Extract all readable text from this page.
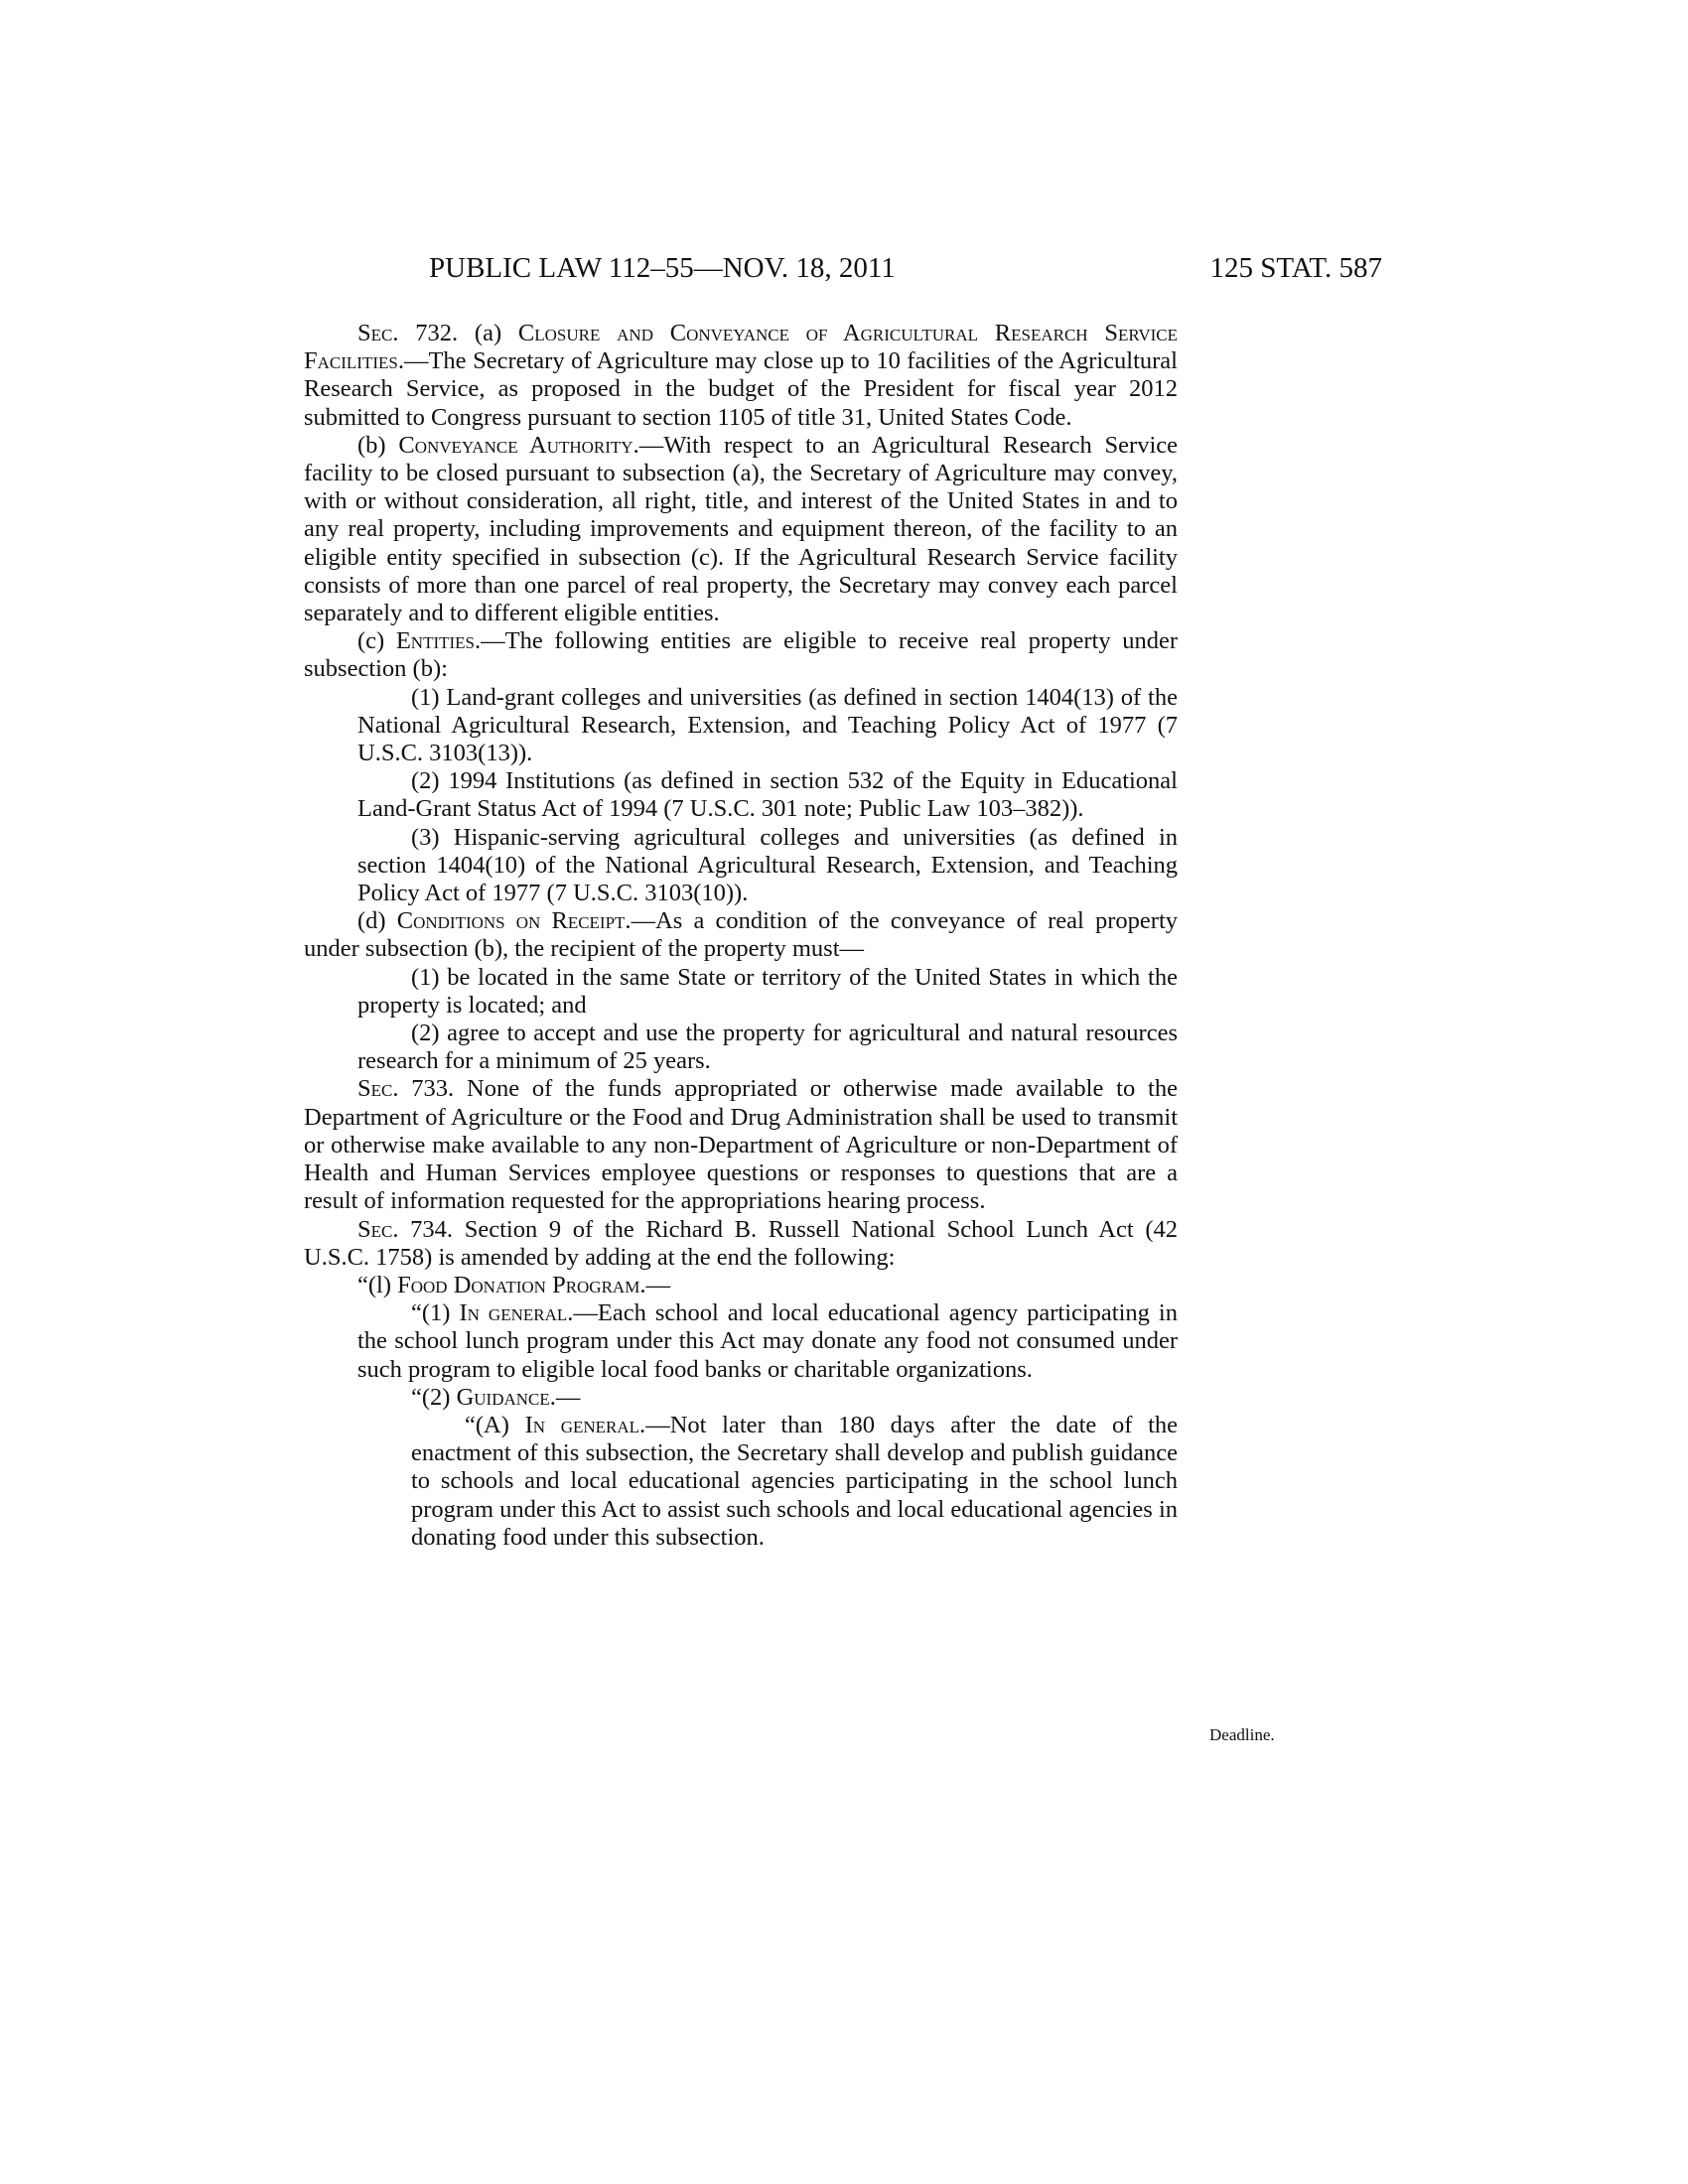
PUBLIC LAW 112–55—NOV. 18, 2011	125 STAT. 587
Deadline.

Sec. 732. (a) Closure and Conveyance of Agricultural Research Service Facilities.—The Secretary of Agriculture may close up to 10 facilities of the Agricultural Research Service, as proposed in the budget of the President for fiscal year 2012 submitted to Congress pursuant to section 1105 of title 31, United States Code.

(b) Conveyance Authority.—With respect to an Agricultural Research Service facility to be closed pursuant to subsection (a), the Secretary of Agriculture may convey, with or without consideration, all right, title, and interest of the United States in and to any real property, including improvements and equipment thereon, of the facility to an eligible entity specified in subsection (c). If the Agricultural Research Service facility consists of more than one parcel of real property, the Secretary may convey each parcel separately and to different eligible entities.

(c) Entities.—The following entities are eligible to receive real property under subsection (b):

(1) Land-grant colleges and universities (as defined in section 1404(13) of the National Agricultural Research, Extension, and Teaching Policy Act of 1977 (7 U.S.C. 3103(13)).

(2) 1994 Institutions (as defined in section 532 of the Equity in Educational Land-Grant Status Act of 1994 (7 U.S.C. 301 note; Public Law 103–382)).

(3) Hispanic-serving agricultural colleges and universities (as defined in section 1404(10) of the National Agricultural Research, Extension, and Teaching Policy Act of 1977 (7 U.S.C. 3103(10)).

(d) Conditions on Receipt.—As a condition of the conveyance of real property under subsection (b), the recipient of the property must—

(1) be located in the same State or territory of the United States in which the property is located; and

(2) agree to accept and use the property for agricultural and natural resources research for a minimum of 25 years.

Sec. 733. None of the funds appropriated or otherwise made available to the Department of Agriculture or the Food and Drug Administration shall be used to transmit or otherwise make available to any non-Department of Agriculture or non-Department of Health and Human Services employee questions or responses to questions that are a result of information requested for the appropriations hearing process.

Sec. 734. Section 9 of the Richard B. Russell National School Lunch Act (42 U.S.C. 1758) is amended by adding at the end the following:

“(l) Food Donation Program.—

“(1) In general.—Each school and local educational agency participating in the school lunch program under this Act may donate any food not consumed under such program to eligible local food banks or charitable organizations.

“(2) Guidance.—

“(A) In general.—Not later than 180 days after the date of the enactment of this subsection, the Secretary shall develop and publish guidance to schools and local educational agencies participating in the school lunch program under this Act to assist such schools and local educational agencies in donating food under this subsection.
